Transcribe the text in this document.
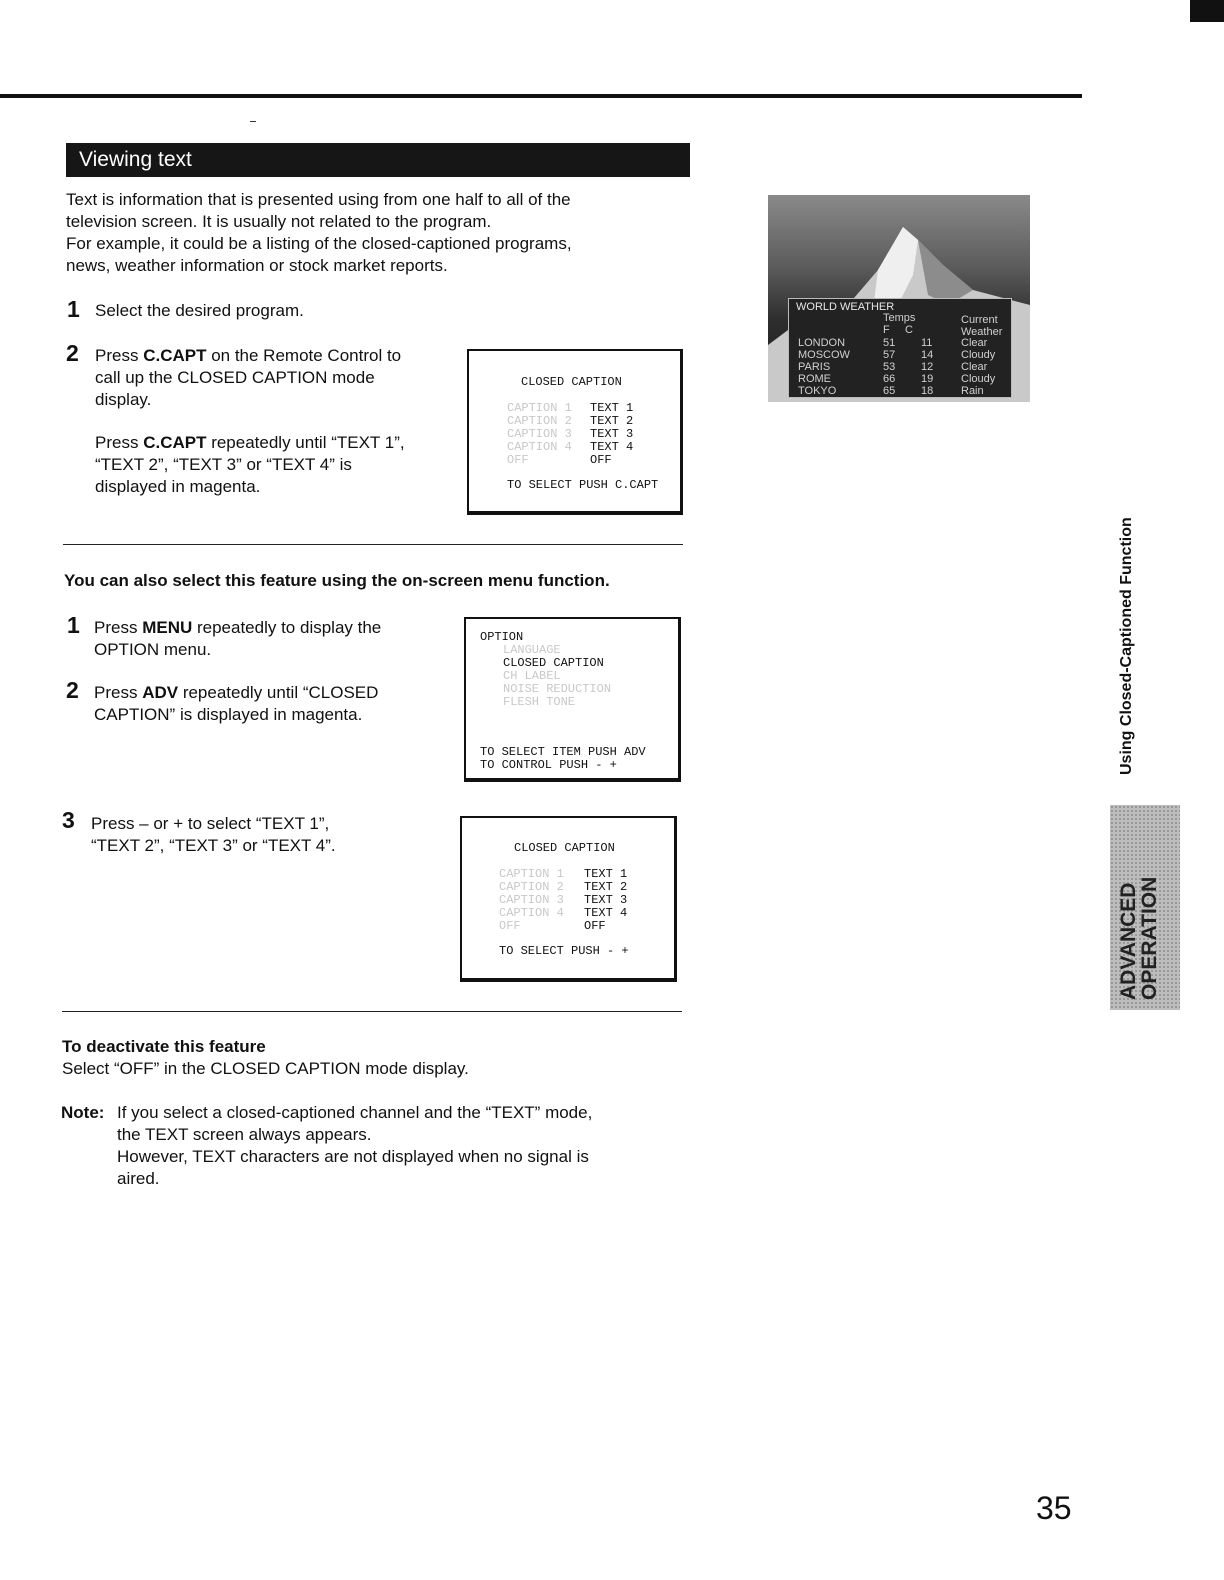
Viewing text
Text is information that is presented using from one half to all of the
television screen. It is usually not related to the program.
For example, it could be a listing of the closed-captioned programs,
news, weather information or stock market reports.
1 Select the desired program.
2 Press C.CAPT on the Remote Control to
call up the CLOSED CAPTION mode
display.
Press C.CAPT repeatedly until “TEXT 1”,
“TEXT 2”, “TEXT 3” or “TEXT 4” is
displayed in magenta.
CLOSED CAPTION
CAPTION 1 TEXT 1
CAPTION 2 TEXT 2
CAPTION 3 TEXT 3
CAPTION 4 TEXT 4
OFF	OFF
TO SELECT PUSH C.CAPT
WORLD WEATHER
Temps
F     C
Current
Weather
LONDON	51 11	Clear
MOSCOW	57 14	Cloudy
PARIS	53 12	Clear
ROME	66 19	Cloudy
TOKYO	65 18	Rain
You can also select this feature using the on-screen menu function.
1 Press MENU repeatedly to display the
OPTION menu.
2 Press ADV repeatedly until “CLOSED
CAPTION” is displayed in magenta.
OPTION
LANGUAGE
CLOSED CAPTION
CH LABEL
NOISE REDUCTION
FLESH TONE
TO SELECT ITEM PUSH ADV
TO CONTROL PUSH - +
3 Press – or + to select “TEXT 1”,
“TEXT 2”, “TEXT 3” or “TEXT 4”.	CLOSED CAPTION
CAPTION 1 TEXT 1
CAPTION 2 TEXT 2
CAPTION 3 TEXT 3
CAPTION 4 TEXT 4
OFF	OFF
TO SELECT PUSH - +
To deactivate this feature
Select “OFF” in the CLOSED CAPTION mode display.
Note: If you select a closed-captioned channel and the “TEXT” mode,
the TEXT screen always appears.
However, TEXT characters are not displayed when no signal is
aired.
Using Closed-Captioned Function
ADVANCED
OPERATION
35
